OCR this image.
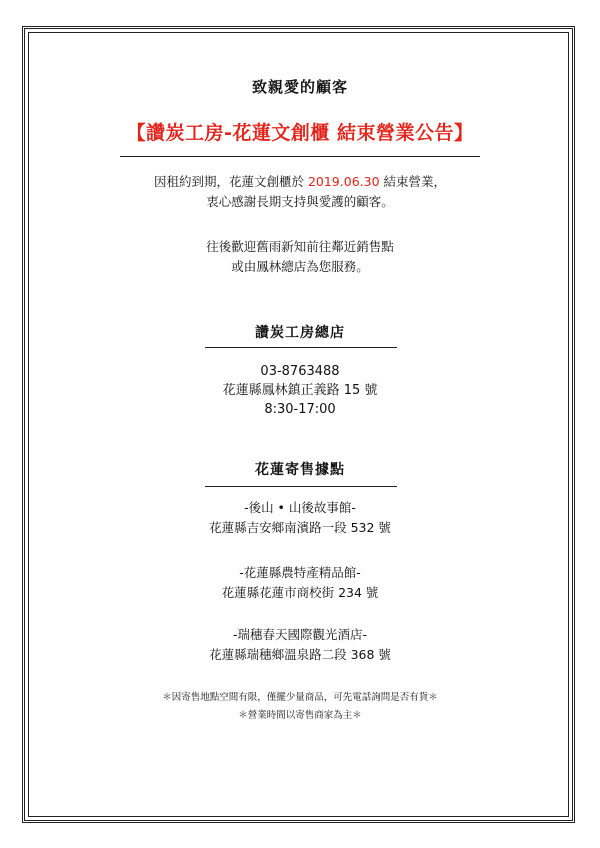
致親愛的顧客
【讚炭工房-花蓮文創櫃 結束營業公告】
因租約到期，花蓮文創櫃於 2019.06.30 結束營業，
衷心感謝長期支持與愛護的顧客。
往後歡迎舊雨新知前往鄰近銷售點
或由鳳林總店為您服務。
讚炭工房總店
03-8763488
花蓮縣鳳林鎮正義路 15 號
8:30-17:00
花蓮寄售據點
-後山 • 山後故事館-
花蓮縣吉安鄉南濱路一段 532 號
-花蓮縣農特產精品館-
花蓮縣花蓮市商校街 234 號
-瑞穗春天國際觀光酒店-
花蓮縣瑞穗鄉溫泉路二段 368 號
＊因寄售地點空間有限，僅擺少量商品，可先電話詢問是否有貨＊
＊營業時間以寄售商家為主＊
